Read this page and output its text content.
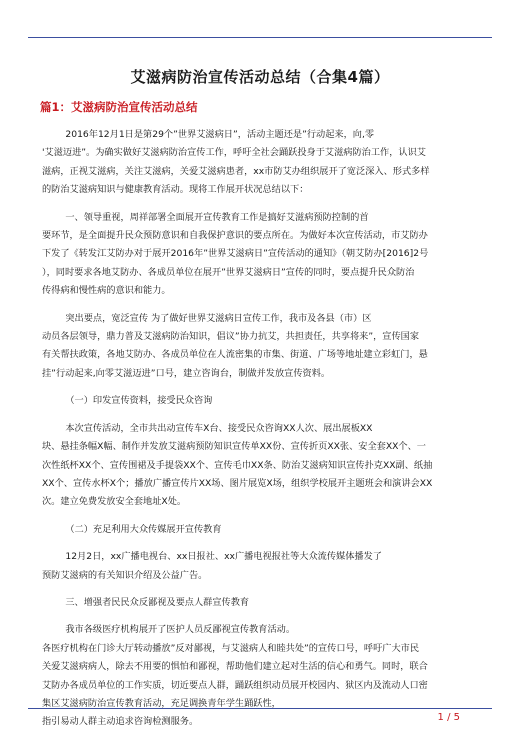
艾滋病防治宣传活动总结（合集4篇）
篇1：艾滋病防治宣传活动总结

2016年12月1日是第29个”世界艾滋病日”，活动主题还是”行动起来，向,零
'艾滋迈进”。为确实做好艾滋病防治宣传工作，呼吁全社会踊跃投身于艾滋病防治工作，认识艾
滋病，正视艾滋病，关注艾滋病，关爱艾滋病患者，xx市防艾办组织展开了宽泛深入、形式多样
的防治艾滋病知识与健康教育活动。现将工作展开状况总结以下：

一、领导重视，周祥部署全面展开宣传教育工作是搞好艾滋病预防控制的首
要环节，是全面提升民众预防意识和自我保护意识的要点所在。为做好本次宣传活动，市艾防办
下发了《转发江艾防办对于展开2016年”世界艾滋病日”宣传活动的通知》（朝艾防办[2016]2号
），同时要求各地艾防办、各成员单位在展开”世界艾滋病日”宣传的同时，要点提升民众防治
传得病和慢性病的意识和能力。

突出要点，宽泛宣传 为了做好世界艾滋病日宣传工作，我市及各县（市）区
动员各层领导，鼎力普及艾滋病防治知识，倡议”协力抗艾，共担责任，共享将来”，宣传国家
有关帮扶政策，各地艾防办、各成员单位在人流密集的市集、街道、广场等地址建立彩虹门，悬
挂”行动起来,向零艾滋迈进”口号，建立咨询台，制做并发放宣传资料。

（一）印发宣传资料，接受民众咨询

本次宣传活动，全市共出动宣传车X台、接受民众咨询XX人次、展出展板XX
块、悬挂条幅X幅、制作并发放艾滋病预防知识宣传单XX份、宣传折页XX张、安全套XX个、一
次性纸杯XX个、宣传围裙及手提袋XX个、宣传毛巾XX条、防治艾滋病知识宣传扑克XX副、纸抽
XX个、宣传水杯X个；播放广播宣传片XX场、图片展览X场，组织学校展开主题班会和演讲会XX
次。建立免费发放安全套地址X处。

（二）充足利用大众传媒展开宣传教育

12月2日，xx广播电视台、xx日报社、xx广播电视报社等大众流传媒体播发了
预防艾滋病的有关知识介绍及公益广告。

三、增强者民民众反鄙视及要点人群宣传教育

我市各级医疗机构展开了医护人员反鄙视宣传教育活动。
各医疗机构在门诊大厅转动播放”反对鄙视，与艾滋病人和睦共处”的宣传口号，呼吁广大市民
关爱艾滋病病人，除去不用要的惧怕和鄙视，帮助他们建立起对生活的信心和勇气。同时，联合
艾防办各成员单位的工作实质，切近要点人群，踊跃组织动员展开校园内、狱区内及流动人口密
集区艾滋病防治宣传教育活动，充足调换青年学生踊跃性，
指引易动人群主动追求咨询检测服务。	1 / 5
